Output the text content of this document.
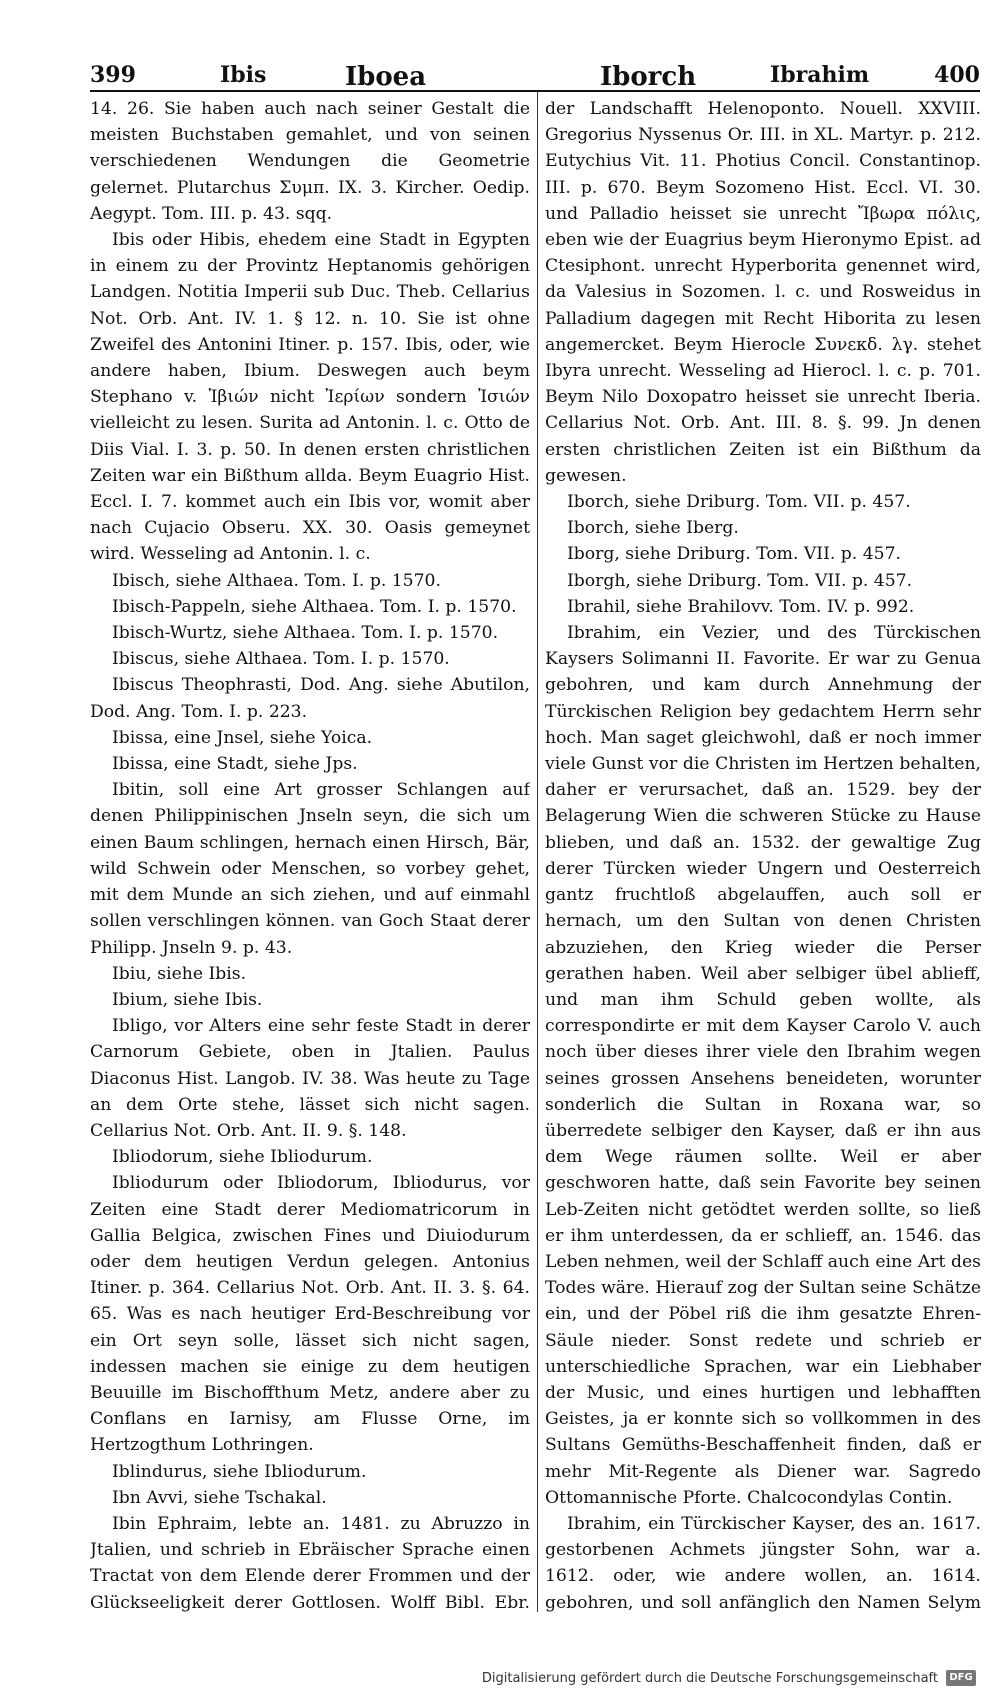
399	Ibis	Iboea	Iborch	Ibrahim	400

14. 26. Sie haben auch nach seiner Gestalt die meisten Buchstaben gemahlet, und von seinen verschiedenen Wendungen die Geometrie gelernet. Plutarchus Συμπ. IX. 3. Kircher. Oedip. Aegypt. Tom. III. p. 43. sqq.

Ibis oder Hibis, ehedem eine Stadt in Egypten in einem zu der Provintz Heptanomis gehörigen Landgen. Notitia Imperii sub Duc. Theb. Cellarius Not. Orb. Ant. IV. 1. § 12. n. 10. Sie ist ohne Zweifel des Antonini Itiner. p. 157. Ibis, oder, wie andere haben, Ibium. Deswegen auch beym Stephano v. Ἰβιών nicht Ἰερίων sondern Ἰσιών vielleicht zu lesen. Surita ad Antonin. l. c. Otto de Diis Vial. I. 3. p. 50. In denen ersten christlichen Zeiten war ein Bißthum allda. Beym Euagrio Hist. Eccl. I. 7. kommet auch ein Ibis vor, womit aber nach Cujacio Obseru. XX. 30. Oasis gemeynet wird. Wesseling ad Antonin. l. c.

Ibisch, siehe Althaea. Tom. I. p. 1570.

Ibisch-Pappeln, siehe Althaea. Tom. I. p. 1570.

Ibisch-Wurtz, siehe Althaea. Tom. I. p. 1570.

Ibiscus, siehe Althaea. Tom. I. p. 1570.

Ibiscus Theophrasti, Dod. Ang. siehe Abutilon, Dod. Ang. Tom. I. p. 223.

Ibissa, eine Jnsel, siehe Yoica.

Ibissa, eine Stadt, siehe Jps.

Ibitin, soll eine Art grosser Schlangen auf denen Philippinischen Jnseln seyn, die sich um einen Baum schlingen, hernach einen Hirsch, Bär, wild Schwein oder Menschen, so vorbey gehet, mit dem Munde an sich ziehen, und auf einmahl sollen verschlingen können. van Goch Staat derer Philipp. Jnseln 9. p. 43.

Ibiu, siehe Ibis.

Ibium, siehe Ibis.

Ibligo, vor Alters eine sehr feste Stadt in derer Carnorum Gebiete, oben in Jtalien. Paulus Diaconus Hist. Langob. IV. 38. Was heute zu Tage an dem Orte stehe, lässet sich nicht sagen. Cellarius Not. Orb. Ant. II. 9. §. 148.

Ibliodorum, siehe Ibliodurum.

Ibliodurum oder Ibliodorum, Ibliodurus, vor Zeiten eine Stadt derer Mediomatricorum in Gallia Belgica, zwischen Fines und Diuiodurum oder dem heutigen Verdun gelegen. Antonius Itiner. p. 364. Cellarius Not. Orb. Ant. II. 3. §. 64. 65. Was es nach heutiger Erd-Beschreibung vor ein Ort seyn solle, lässet sich nicht sagen, indessen machen sie einige zu dem heutigen Beuuille im Bischoffthum Metz, andere aber zu Conflans en Iarnisy, am Flusse Orne, im Hertzogthum Lothringen.

Iblindurus, siehe Ibliodurum.

Ibn Avvi, siehe Tschakal.

Ibin Ephraim, lebte an. 1481. zu Abruzzo in Jtalien, und schrieb in Ebräischer Sprache einen Tractat von dem Elende derer Frommen und der Glückseeligkeit derer Gottlosen. Wolff Bibl. Ebr.

der Landschafft Helenoponto. Nouell. XXVIII. Gregorius Nyssenus Or. III. in XL. Martyr. p. 212. Eutychius Vit. 11. Photius Concil. Constantinop. III. p. 670. Beym Sozomeno Hist. Eccl. VI. 30. und Palladio heisset sie unrecht Ἴβωρα πόλις, eben wie der Euagrius beym Hieronymo Epist. ad Ctesiphont. unrecht Hyperborita genennet wird, da Valesius in Sozomen. l. c. und Rosweidus in Palladium dagegen mit Recht Hiborita zu lesen angemercket. Beym Hierocle Συνεκδ. λγ. stehet Ibyra unrecht. Wesseling ad Hierocl. l. c. p. 701. Beym Nilo Doxopatro heisset sie unrecht Iberia. Cellarius Not. Orb. Ant. III. 8. §. 99. Jn denen ersten christlichen Zeiten ist ein Bißthum da gewesen.

Iborch, siehe Driburg. Tom. VII. p. 457.

Iborch, siehe Iberg.

Iborg, siehe Driburg. Tom. VII. p. 457.

Iborgh, siehe Driburg. Tom. VII. p. 457.

Ibrahil, siehe Brahilovv. Tom. IV. p. 992.

Ibrahim, ein Vezier, und des Türckischen Kaysers Solimanni II. Favorite. Er war zu Genua gebohren, und kam durch Annehmung der Türckischen Religion bey gedachtem Herrn sehr hoch. Man saget gleichwohl, daß er noch immer viele Gunst vor die Christen im Hertzen behalten, daher er verursachet, daß an. 1529. bey der Belagerung Wien die schweren Stücke zu Hause blieben, und daß an. 1532. der gewaltige Zug derer Türcken wieder Ungern und Oesterreich gantz fruchtloß abgelauffen, auch soll er hernach, um den Sultan von denen Christen abzuziehen, den Krieg wieder die Perser gerathen haben. Weil aber selbiger übel ablieff, und man ihm Schuld geben wollte, als correspondirte er mit dem Kayser Carolo V. auch noch über dieses ihrer viele den Ibrahim wegen seines grossen Ansehens beneideten, worunter sonderlich die Sultan in Roxana war, so überredete selbiger den Kayser, daß er ihn aus dem Wege räumen sollte. Weil er aber geschworen hatte, daß sein Favorite bey seinen Leb-Zeiten nicht getödtet werden sollte, so ließ er ihm unterdessen, da er schlieff, an. 1546. das Leben nehmen, weil der Schlaff auch eine Art des Todes wäre. Hierauf zog der Sultan seine Schätze ein, und der Pöbel riß die ihm gesatzte Ehren-Säule nieder. Sonst redete und schrieb er unterschiedliche Sprachen, war ein Liebhaber der Music, und eines hurtigen und lebhafften Geistes, ja er konnte sich so vollkommen in des Sultans Gemüths-Beschaffenheit finden, daß er mehr Mit-Regente als Diener war. Sagredo Ottomannische Pforte. Chalcocondylas Contin.

Ibrahim, ein Türckischer Kayser, des an. 1617. gestorbenen Achmets jüngster Sohn, war a. 1612. oder, wie andere wollen, an. 1614. gebohren, und soll anfänglich den Namen Selym

Digitalisierung gefördert durch die Deutsche Forschungsgemeinschaft	DFG
